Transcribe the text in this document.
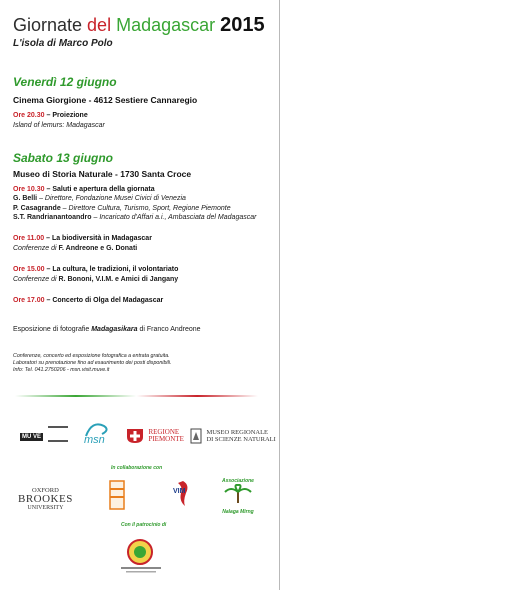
Giornate del Madagascar 2015
L'isola di Marco Polo
Venerdì 12 giugno
Cinema Giorgione - 4612 Sestiere Cannaregio
Ore 20.30 – Proiezione
Island of lemurs: Madagascar
Sabato 13 giugno
Museo di Storia Naturale - 1730 Santa Croce
Ore 10.30 – Saluti e apertura della giornata
G. Belli – Direttore, Fondazione Musei Civici di Venezia
P. Casagrande – Direttore Cultura, Turismo, Sport, Regione Piemonte
S.T. Randrianantoandro – Incaricato d'Affari a.i., Ambasciata del Madagascar
Ore 11.00 – La biodiversità in Madagascar
Conferenze di F. Andreone e G. Donati
Ore 15.00 – La cultura, le tradizioni, il volontariato
Conferenze di R. Bononi, V.I.M. e Amici di Jangany
Ore 17.00 – Concerto di Olga del Madagascar
Esposizione di fotografie Madagasikara di Franco Andreone
Conferenze, concerto ed esposizione fotografica a entrata gratuita.
Laboratori su prenotazione fino ad esaurimento dei posti disponibili.
Info: Tel. 041.2750206 - msn.visit.muve.it
MU VE	msn
REGIONE
PIEMONTE
MUSEO REGIONALE
DI SCIENZE NATURALI
In collaborazione con
OXFORD
BROOKES
UNIVERSITY
VIM
Associazione
Nalaga Mirng
Con il patrocinio di
